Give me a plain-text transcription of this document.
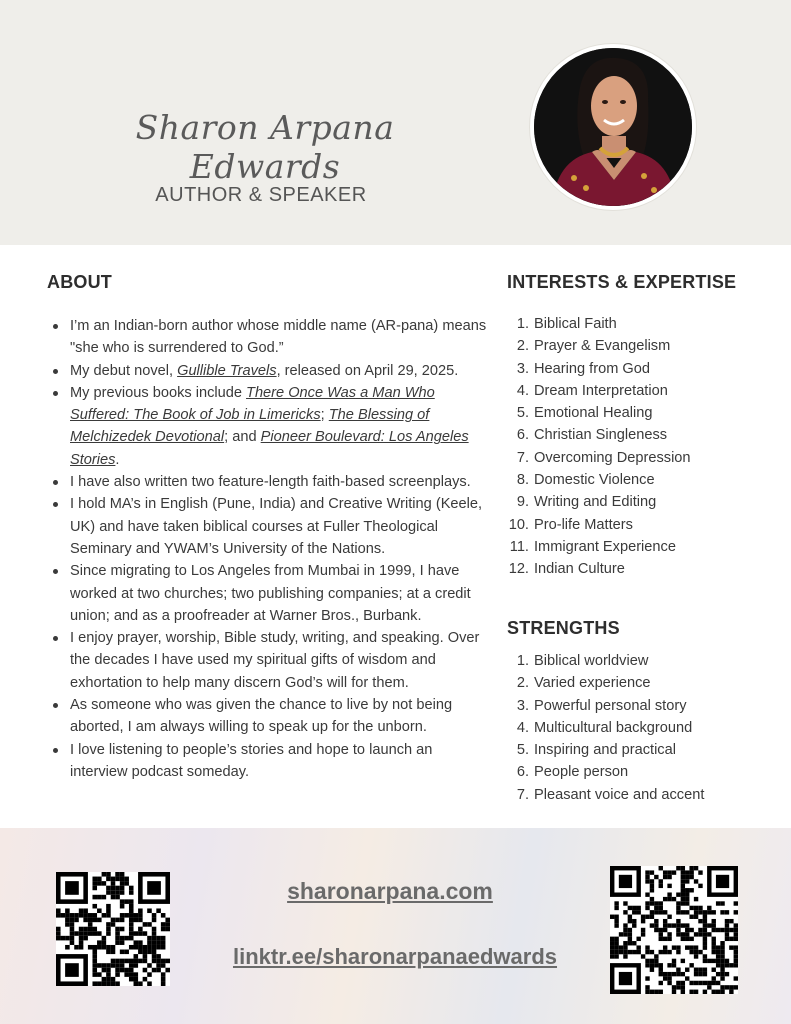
Sharon Arpana Edwards
AUTHOR & SPEAKER
ABOUT
I’m an Indian-born author whose middle name (AR-pana) means "she who is surrendered to God.”
My debut novel, Gullible Travels, released on April 29, 2025.
My previous books include There Once Was a Man Who Suffered: The Book of Job in Limericks; The Blessing of Melchizedek Devotional; and Pioneer Boulevard: Los Angeles Stories.
I have also written two feature-length faith-based screenplays.
I hold MA’s in English (Pune, India) and Creative Writing (Keele, UK) and have taken biblical courses at Fuller Theological Seminary and YWAM’s University of the Nations.
Since migrating to Los Angeles from Mumbai in 1999, I have worked at two churches; two publishing companies; at a credit union; and as a proofreader at Warner Bros., Burbank.
I enjoy prayer, worship, Bible study, writing, and speaking. Over the decades I have used my spiritual gifts of wisdom and exhortation to help many discern God’s will for them.
As someone who was given the chance to live by not being aborted, I am always willing to speak up for the unborn.
I love listening to people’s stories and hope to launch an interview podcast someday.
INTERESTS & EXPERTISE
1. Biblical Faith
2. Prayer & Evangelism
3. Hearing from God
4. Dream Interpretation
5. Emotional Healing
6. Christian Singleness
7. Overcoming Depression
8. Domestic Violence
9. Writing and Editing
10. Pro-life Matters
11. Immigrant Experience
12. Indian Culture
STRENGTHS
1. Biblical worldview
2. Varied experience
3. Powerful personal story
4. Multicultural background
5. Inspiring and practical
6. People person
7. Pleasant voice and accent
sharonarpana.com
linktr.ee/sharonarpanaedwards
